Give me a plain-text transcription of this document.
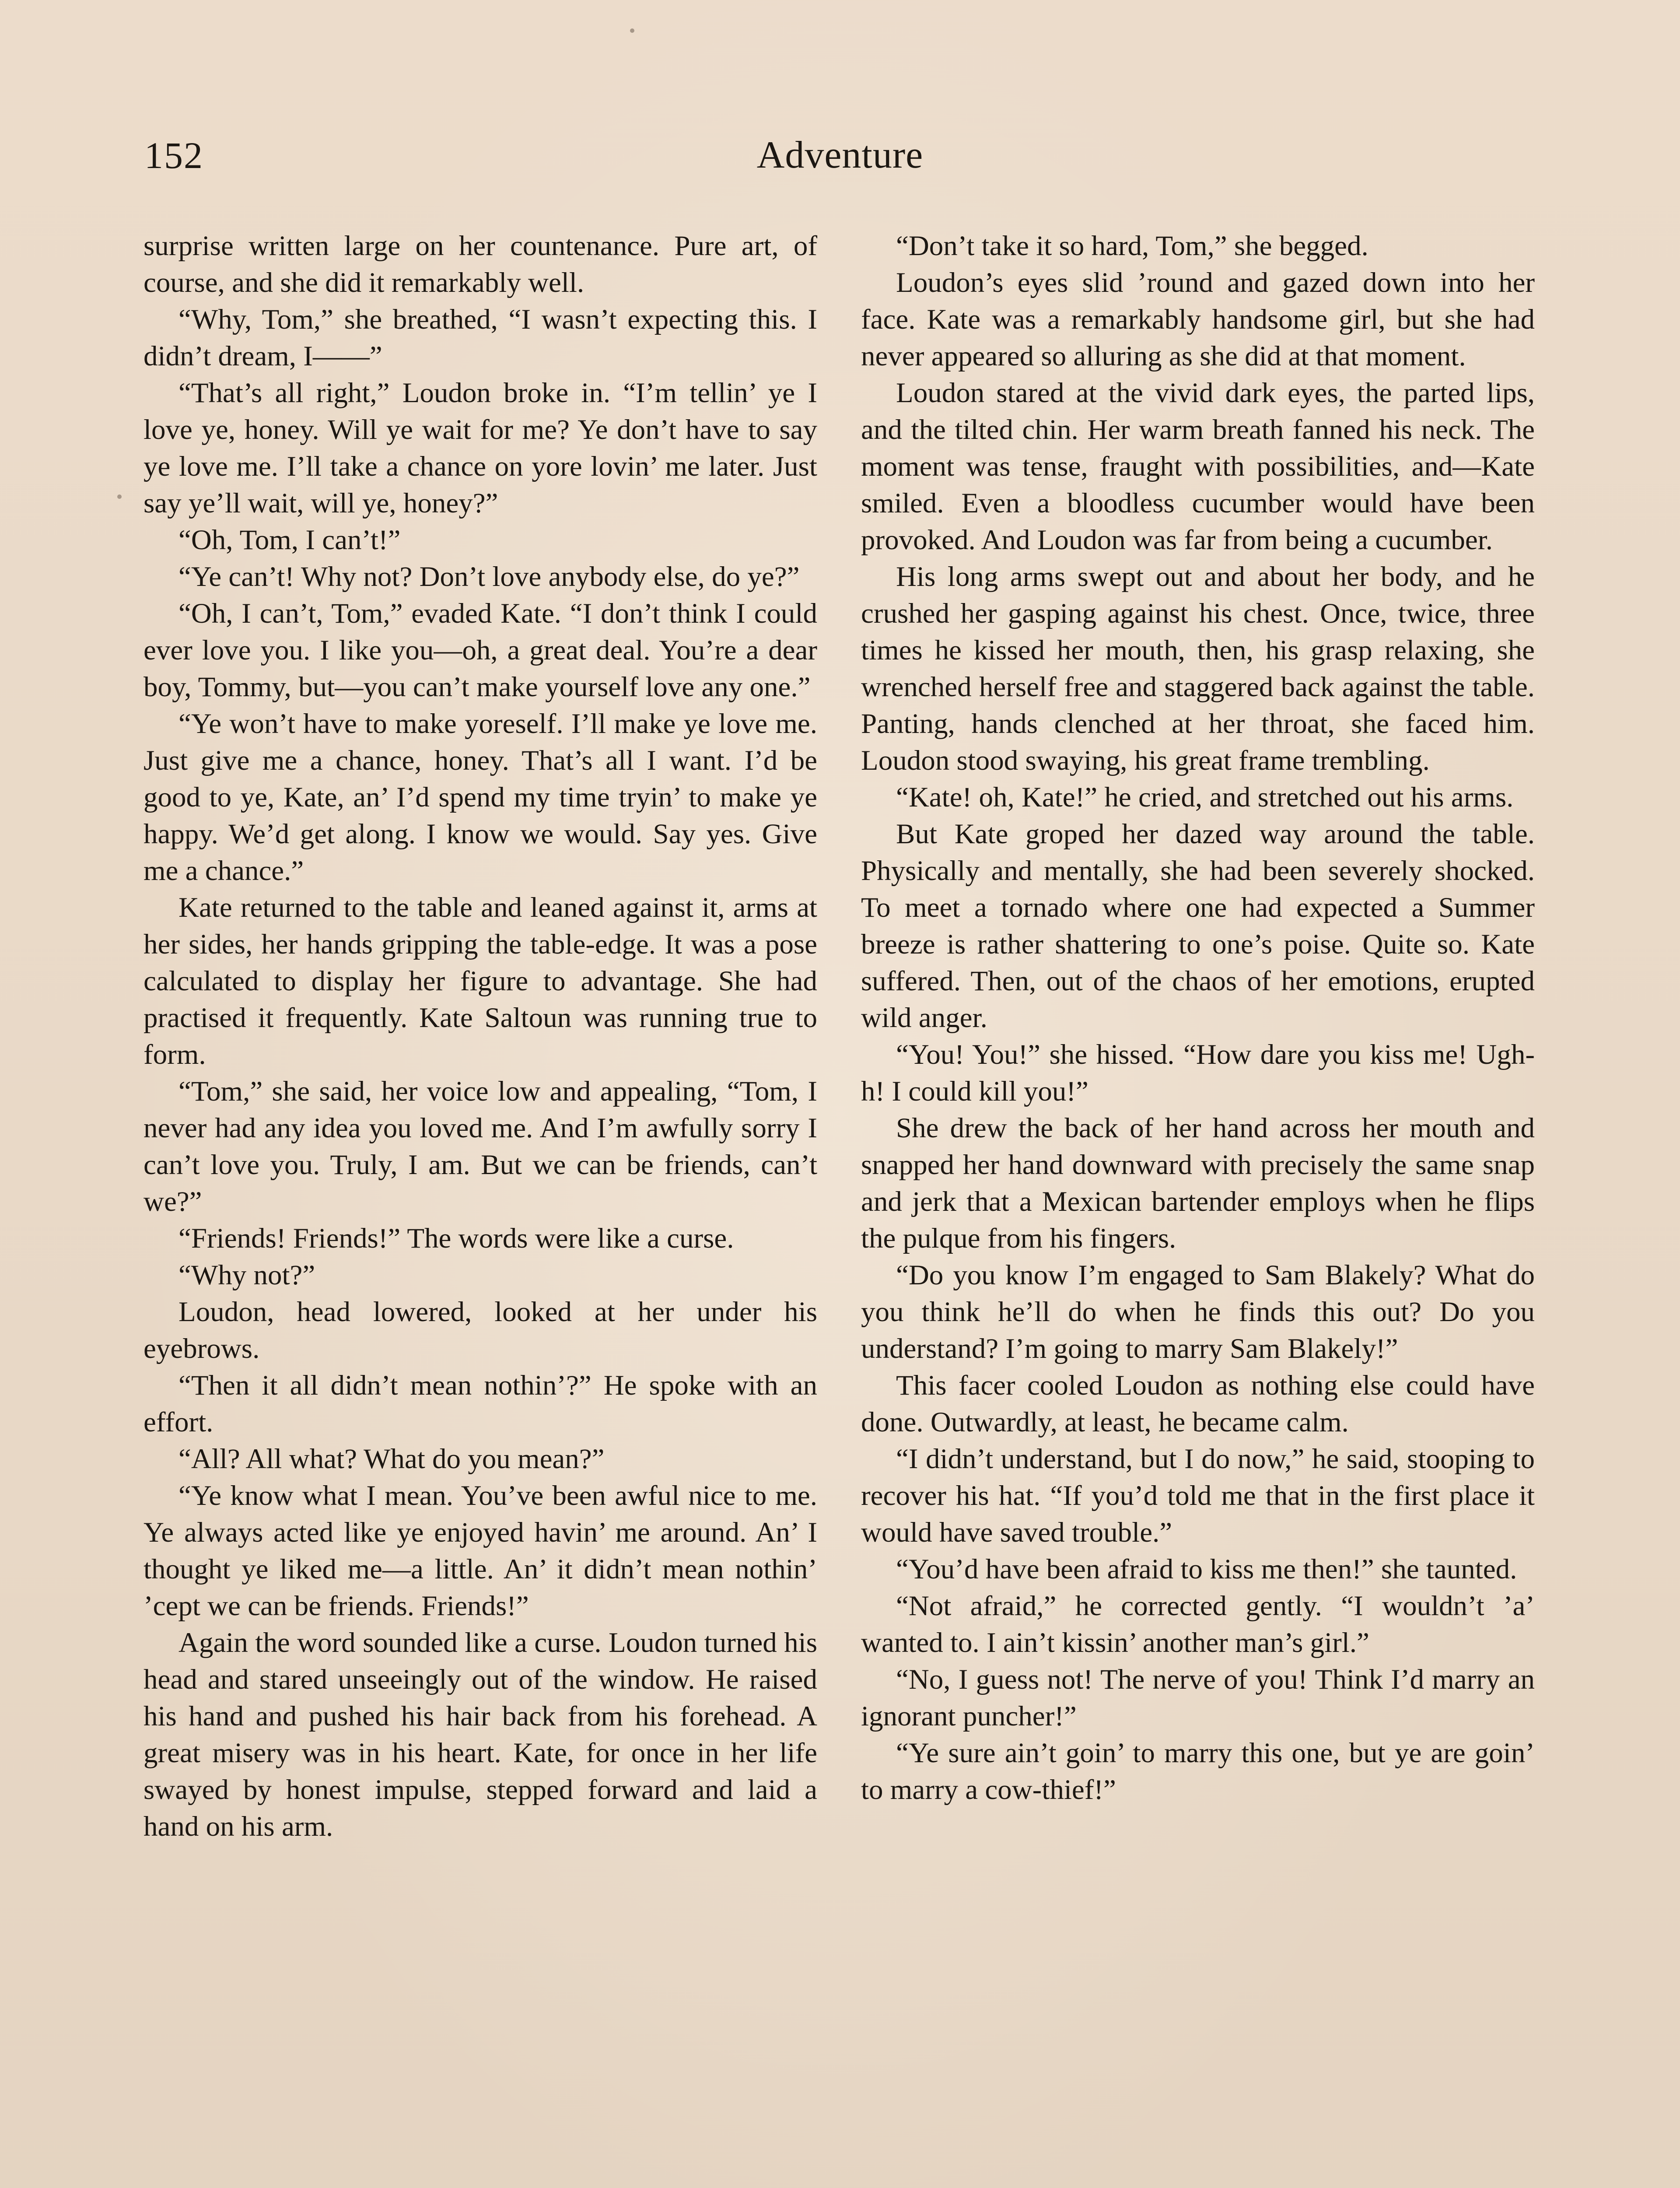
152	Adventure

surprise written large on her countenance. Pure art, of course, and she did it remarkably well.

“Why, Tom,” she breathed, “I wasn’t expecting this. I didn’t dream, I——”

“That’s all right,” Loudon broke in. “I’m tellin’ ye I love ye, honey. Will ye wait for me? Ye don’t have to say ye love me. I’ll take a chance on yore lovin’ me later. Just say ye’ll wait, will ye, honey?”

“Oh, Tom, I can’t!”

“Ye can’t! Why not? Don’t love anybody else, do ye?”

“Oh, I can’t, Tom,” evaded Kate. “I don’t think I could ever love you. I like you—oh, a great deal. You’re a dear boy, Tommy, but—you can’t make yourself love any one.”

“Ye won’t have to make yoreself. I’ll make ye love me. Just give me a chance, honey. That’s all I want. I’d be good to ye, Kate, an’ I’d spend my time tryin’ to make ye happy. We’d get along. I know we would. Say yes. Give me a chance.”

Kate returned to the table and leaned against it, arms at her sides, her hands gripping the table-edge. It was a pose calculated to display her figure to advantage. She had practised it frequently. Kate Saltoun was running true to form.

“Tom,” she said, her voice low and appealing, “Tom, I never had any idea you loved me. And I’m awfully sorry I can’t love you. Truly, I am. But we can be friends, can’t we?”

“Friends! Friends!” The words were like a curse.

“Why not?”

Loudon, head lowered, looked at her under his eyebrows.

“Then it all didn’t mean nothin’?” He spoke with an effort.

“All? All what? What do you mean?”

“Ye know what I mean. You’ve been awful nice to me. Ye always acted like ye enjoyed havin’ me around. An’ I thought ye liked me—a little. An’ it didn’t mean nothin’ ’cept we can be friends. Friends!”

Again the word sounded like a curse. Loudon turned his head and stared unseeingly out of the window. He raised his hand and pushed his hair back from his forehead. A great misery was in his heart. Kate, for once in her life swayed by honest impulse, stepped forward and laid a hand on his arm.

“Don’t take it so hard, Tom,” she begged.

Loudon’s eyes slid ’round and gazed down into her face. Kate was a remarkably handsome girl, but she had never appeared so alluring as she did at that moment.

Loudon stared at the vivid dark eyes, the parted lips, and the tilted chin. Her warm breath fanned his neck. The moment was tense, fraught with possibilities, and—Kate smiled. Even a bloodless cucumber would have been provoked. And Loudon was far from being a cucumber.

His long arms swept out and about her body, and he crushed her gasping against his chest. Once, twice, three times he kissed her mouth, then, his grasp relaxing, she wrenched herself free and staggered back against the table. Panting, hands clenched at her throat, she faced him. Loudon stood swaying, his great frame trembling.

“Kate! oh, Kate!” he cried, and stretched out his arms.

But Kate groped her dazed way around the table. Physically and mentally, she had been severely shocked. To meet a tornado where one had expected a Summer breeze is rather shattering to one’s poise. Quite so. Kate suffered. Then, out of the chaos of her emotions, erupted wild anger.

“You! You!” she hissed. “How dare you kiss me! Ugh-h! I could kill you!”

She drew the back of her hand across her mouth and snapped her hand downward with precisely the same snap and jerk that a Mexican bartender employs when he flips the pulque from his fingers.

“Do you know I’m engaged to Sam Blakely? What do you think he’ll do when he finds this out? Do you understand? I’m going to marry Sam Blakely!”

This facer cooled Loudon as nothing else could have done. Outwardly, at least, he became calm.

“I didn’t understand, but I do now,” he said, stooping to recover his hat. “If you’d told me that in the first place it would have saved trouble.”

“You’d have been afraid to kiss me then!” she taunted.

“Not afraid,” he corrected gently. “I wouldn’t ’a’ wanted to. I ain’t kissin’ another man’s girl.”

“No, I guess not! The nerve of you! Think I’d marry an ignorant puncher!”

“Ye sure ain’t goin’ to marry this one, but ye are goin’ to marry a cow-thief!”
